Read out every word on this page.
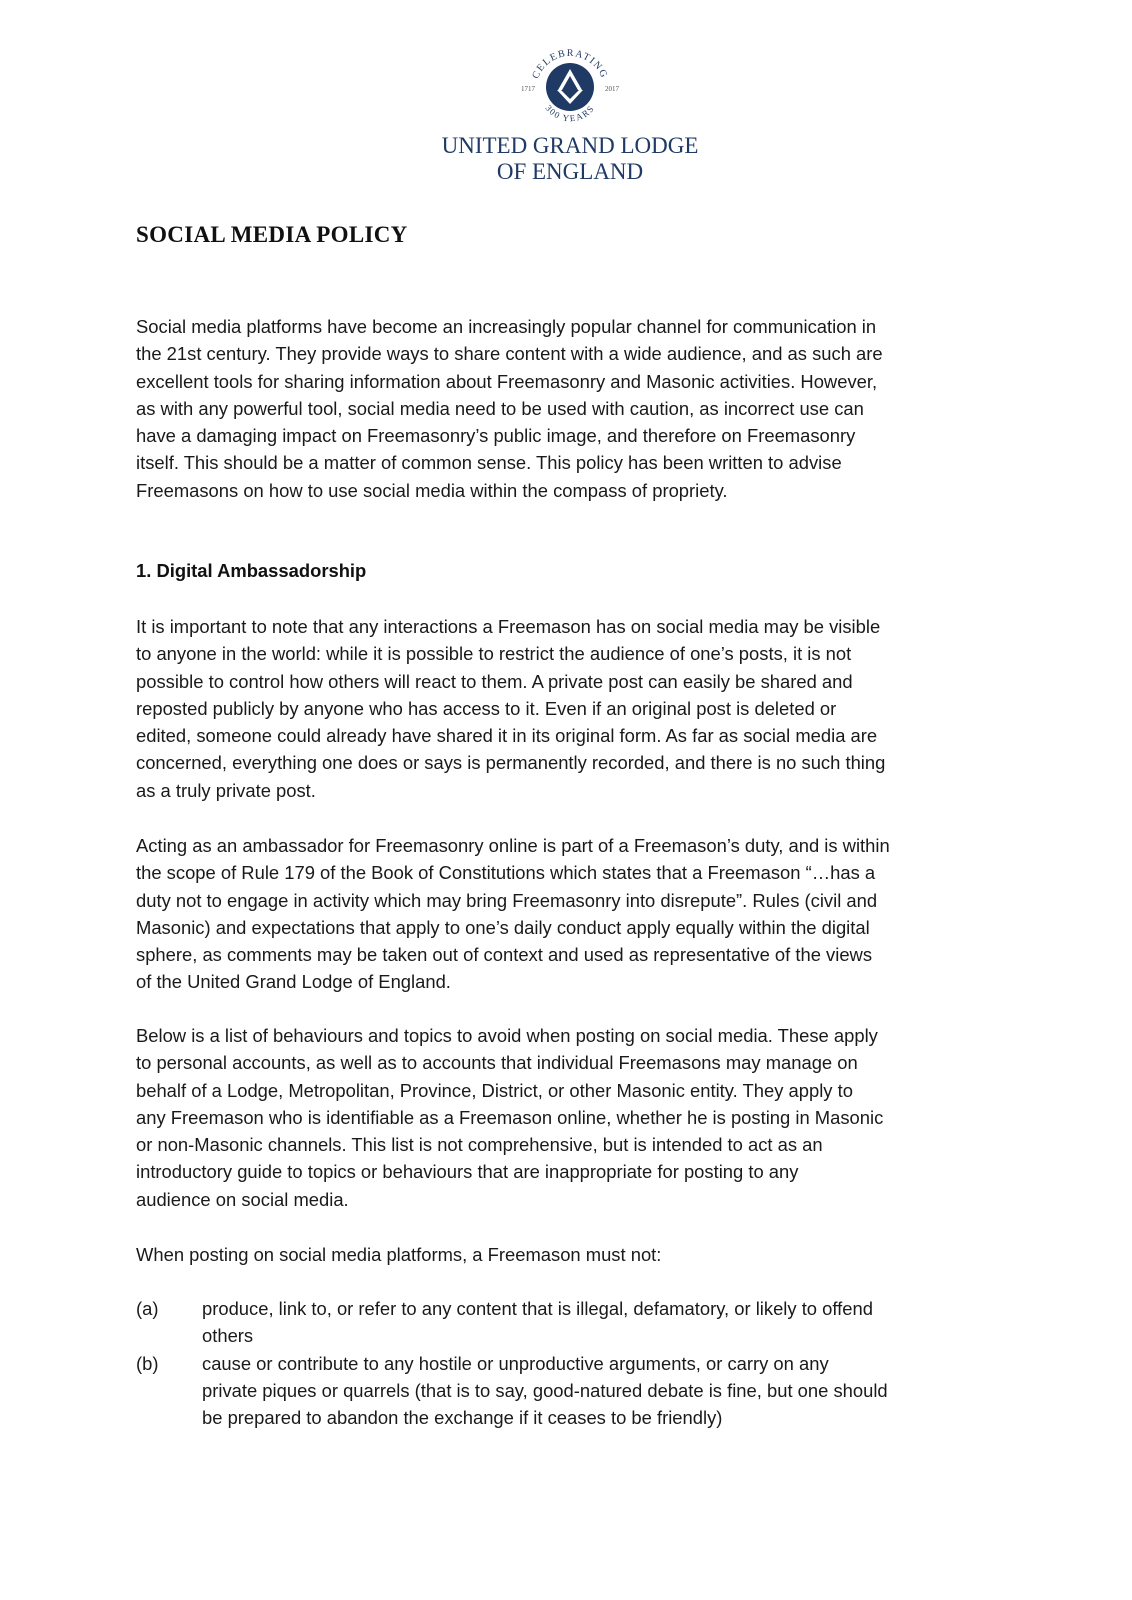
CELEBRATING
300 YEARS
1717	2017
UNITED GRAND LODGE
OF ENGLAND
SOCIAL MEDIA POLICY
Social media platforms have become an increasingly popular channel for communication in
the 21st century. They provide ways to share content with a wide audience, and as such are
excellent tools for sharing information about Freemasonry and Masonic activities. However,
as with any powerful tool, social media need to be used with caution, as incorrect use can
have a damaging impact on Freemasonry’s public image, and therefore on Freemasonry
itself. This should be a matter of common sense. This policy has been written to advise
Freemasons on how to use social media within the compass of propriety.
1. Digital Ambassadorship
It is important to note that any interactions a Freemason has on social media may be visible
to anyone in the world: while it is possible to restrict the audience of one’s posts, it is not
possible to control how others will react to them. A private post can easily be shared and
reposted publicly by anyone who has access to it. Even if an original post is deleted or
edited, someone could already have shared it in its original form. As far as social media are
concerned, everything one does or says is permanently recorded, and there is no such thing
as a truly private post.
Acting as an ambassador for Freemasonry online is part of a Freemason’s duty, and is within
the scope of Rule 179 of the Book of Constitutions which states that a Freemason “…has a
duty not to engage in activity which may bring Freemasonry into disrepute”. Rules (civil and
Masonic) and expectations that apply to one’s daily conduct apply equally within the digital
sphere, as comments may be taken out of context and used as representative of the views
of the United Grand Lodge of England.
Below is a list of behaviours and topics to avoid when posting on social media. These apply
to personal accounts, as well as to accounts that individual Freemasons may manage on
behalf of a Lodge, Metropolitan, Province, District, or other Masonic entity. They apply to
any Freemason who is identifiable as a Freemason online, whether he is posting in Masonic
or non-Masonic channels. This list is not comprehensive, but is intended to act as an
introductory guide to topics or behaviours that are inappropriate for posting to any
audience on social media.
When posting on social media platforms, a Freemason must not:
(a)	produce, link to, or refer to any content that is illegal, defamatory, or likely to offend
others
(b)	cause or contribute to any hostile or unproductive arguments, or carry on any
private piques or quarrels (that is to say, good-natured debate is fine, but one should
be prepared to abandon the exchange if it ceases to be friendly)
